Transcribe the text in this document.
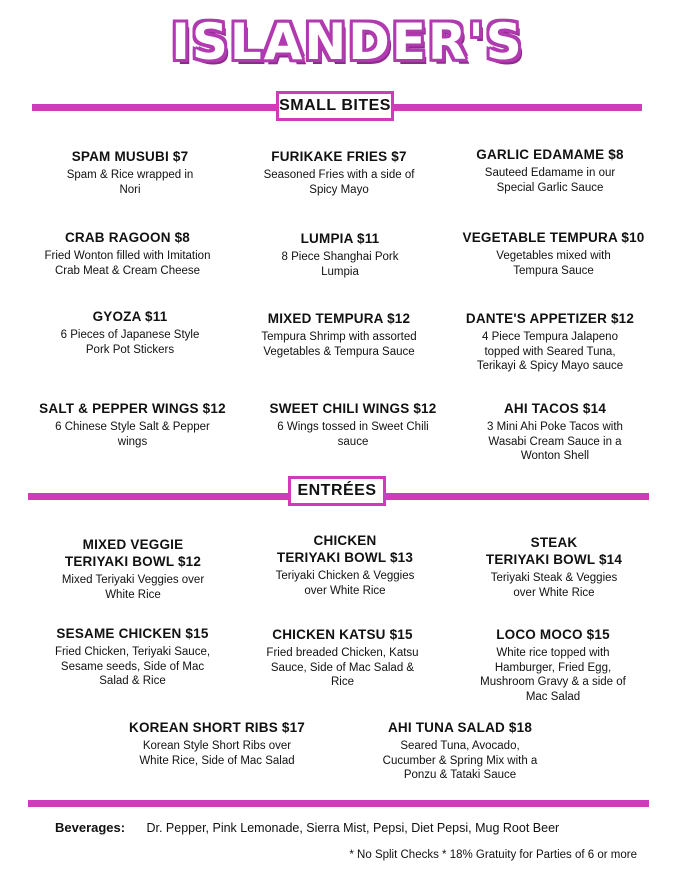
ISLANDER'S
SMALL BITES
SPAM MUSUBI $7
Spam & Rice wrapped in
Nori
FURIKAKE FRIES $7
Seasoned Fries with a side of
Spicy Mayo
GARLIC EDAMAME $8
Sauteed Edamame in our
Special Garlic Sauce
CRAB RAGOON $8
Fried Wonton filled with Imitation
Crab Meat & Cream Cheese
LUMPIA $11
8 Piece Shanghai Pork
Lumpia
VEGETABLE TEMPURA $10
Vegetables mixed with
Tempura Sauce
GYOZA $11
6 Pieces of Japanese Style
Pork Pot Stickers
MIXED TEMPURA $12
Tempura Shrimp with assorted
Vegetables & Tempura Sauce
DANTE'S APPETIZER $12
4 Piece Tempura Jalapeno
topped with Seared Tuna,
Terikayi & Spicy Mayo sauce
SALT & PEPPER WINGS $12
6 Chinese Style Salt & Pepper
wings
SWEET CHILI WINGS $12
6 Wings tossed in Sweet Chili
sauce
AHI TACOS $14
3 Mini Ahi Poke Tacos with
Wasabi Cream Sauce in a
Wonton Shell
ENTRÉES
MIXED VEGGIE
TERIYAKI BOWL $12
Mixed Teriyaki Veggies over
White Rice
CHICKEN
TERIYAKI BOWL $13
Teriyaki Chicken & Veggies
over White Rice
STEAK
TERIYAKI BOWL $14
Teriyaki Steak & Veggies
over White Rice
SESAME CHICKEN $15
Fried Chicken, Teriyaki Sauce,
Sesame seeds, Side of Mac
Salad & Rice
CHICKEN KATSU $15
Fried breaded Chicken, Katsu
Sauce, Side of Mac Salad &
Rice
LOCO MOCO $15
White rice topped with
Hamburger, Fried Egg,
Mushroom Gravy & a side of
Mac Salad
KOREAN SHORT RIBS $17
Korean Style Short Ribs over
White Rice, Side of Mac Salad
AHI TUNA SALAD $18
Seared Tuna, Avocado,
Cucumber & Spring Mix with a
Ponzu & Tataki Sauce
Beverages: Dr. Pepper, Pink Lemonade, Sierra Mist, Pepsi, Diet Pepsi, Mug Root Beer
* No Split Checks * 18% Gratuity for Parties of 6 or more
